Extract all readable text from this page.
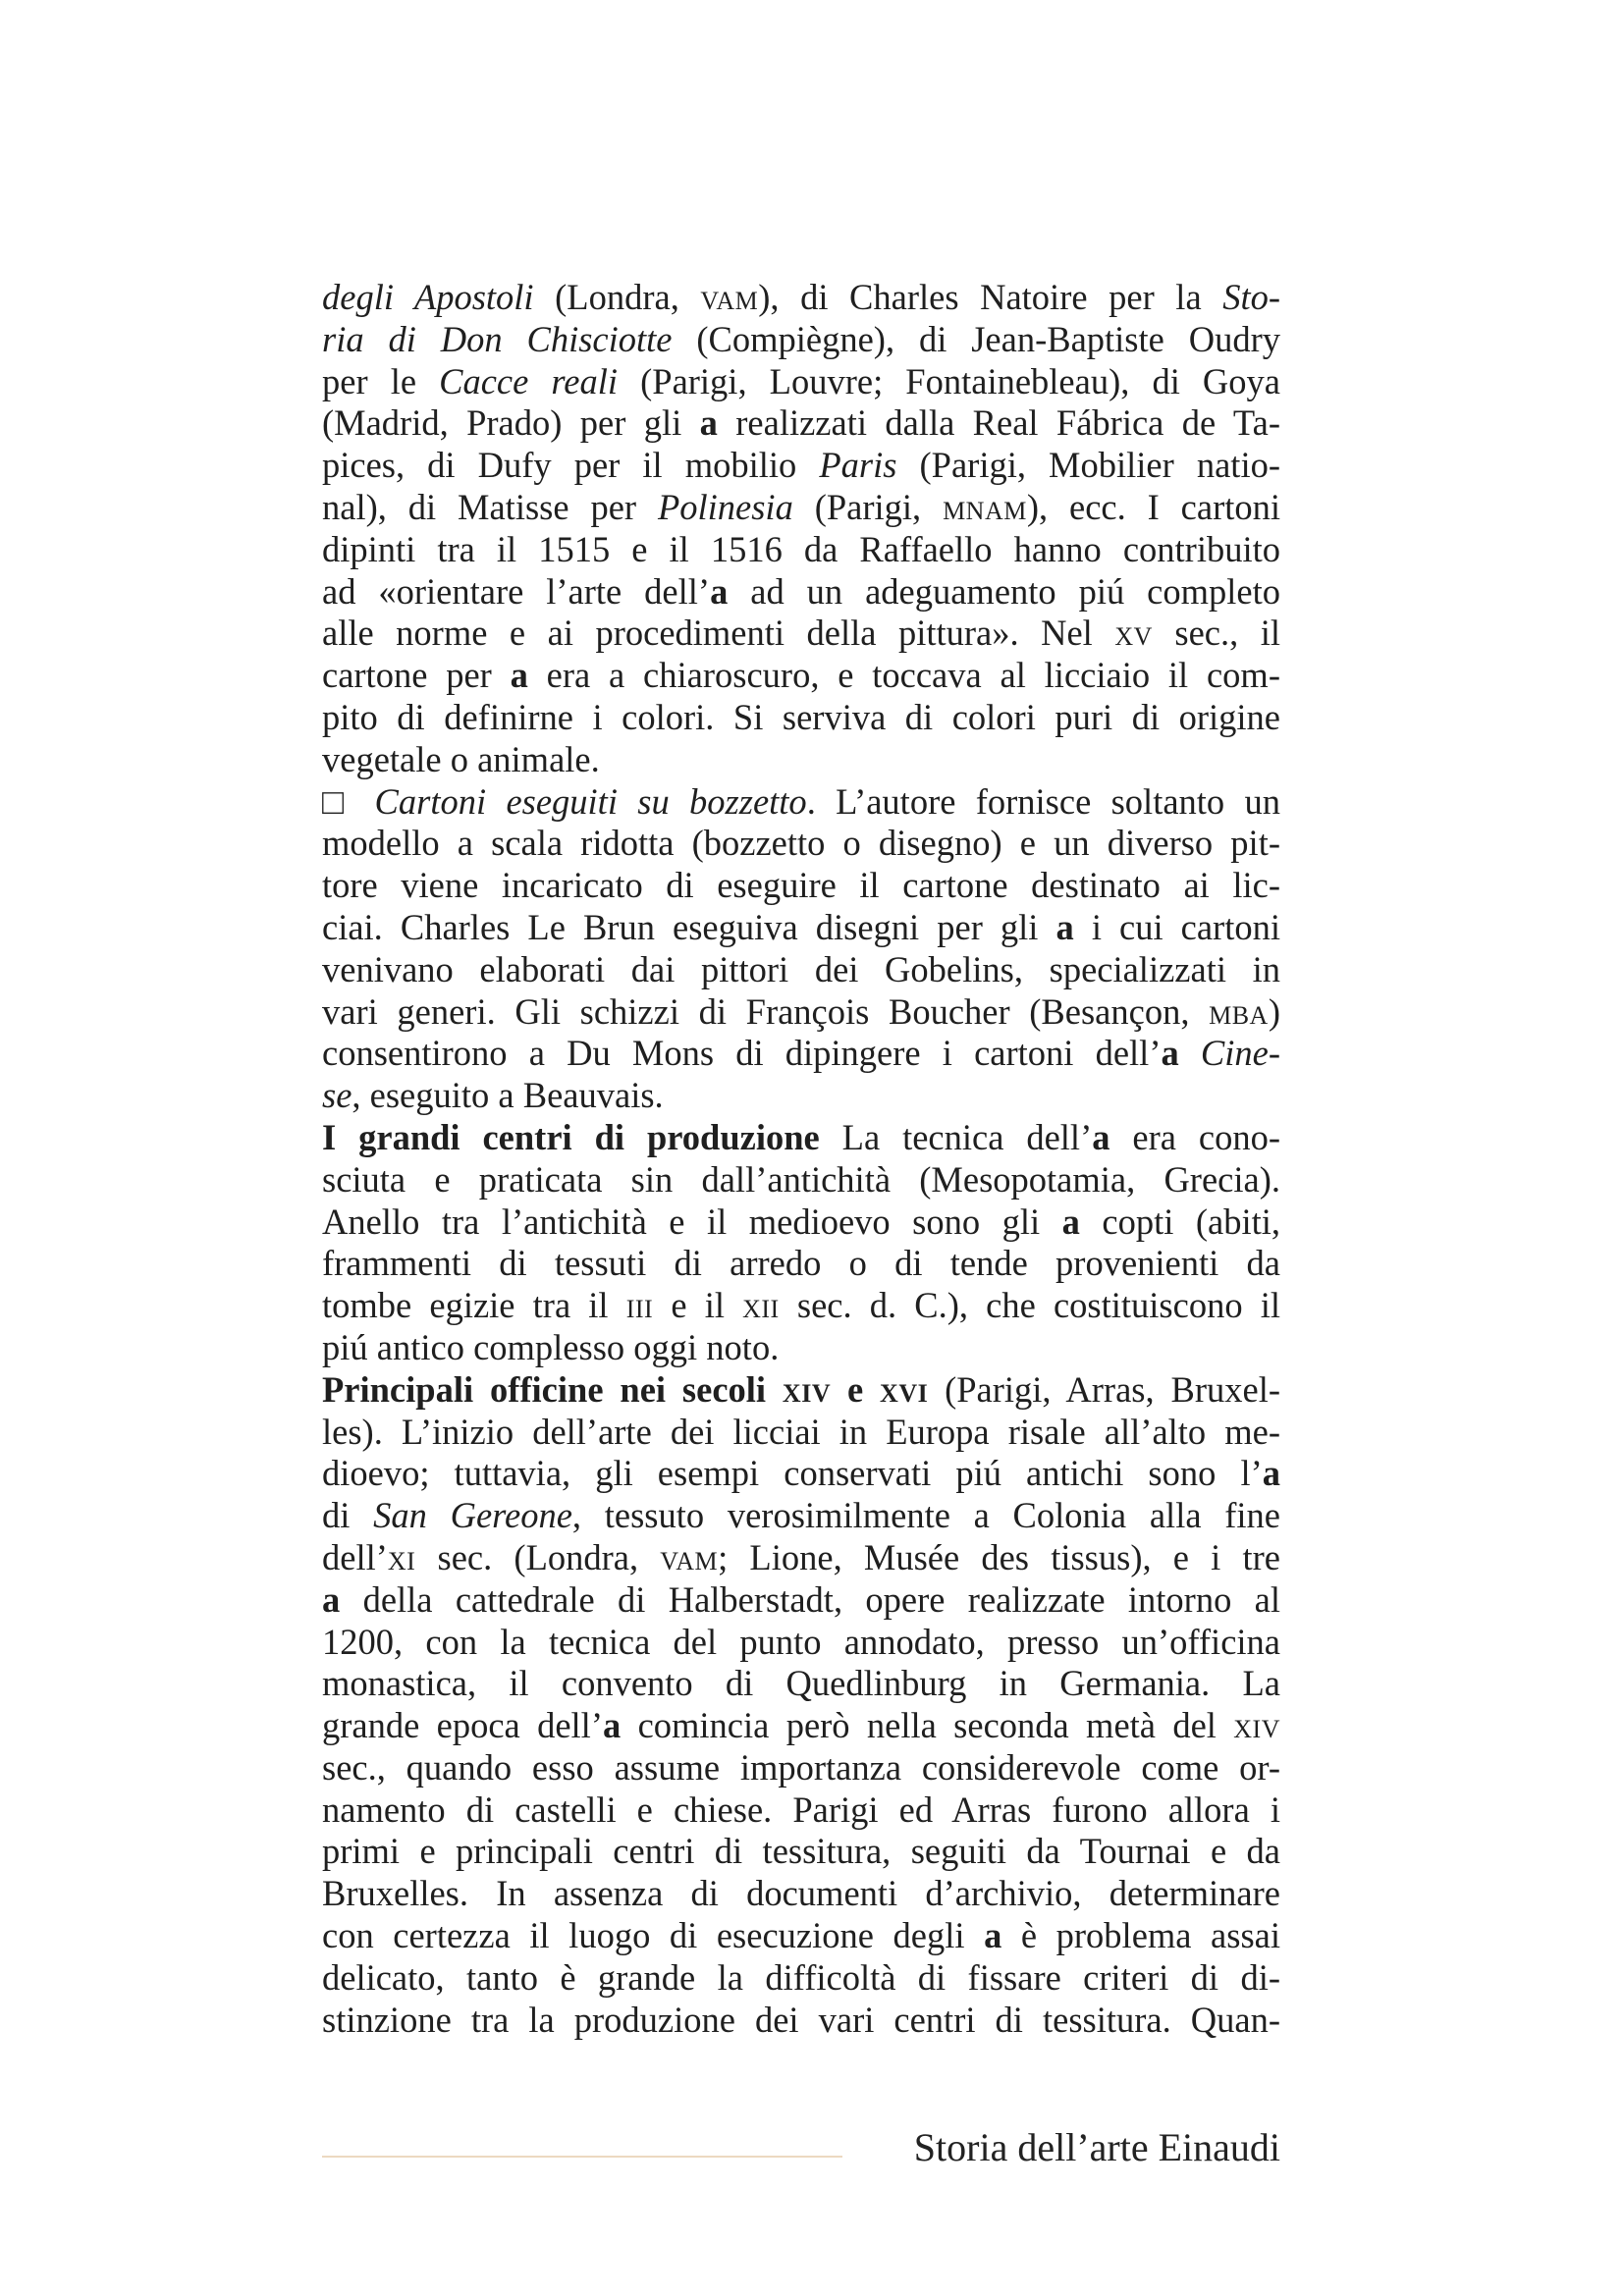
degli Apostoli (Londra, vam), di Charles Natoire per la Sto-
ria di Don Chisciotte (Compiègne), di Jean-Baptiste Oudry
per le Cacce reali (Parigi, Louvre; Fontainebleau), di Goya
(Madrid, Prado) per gli a realizzati dalla Real Fábrica de Ta-
pices, di Dufy per il mobilio Paris (Parigi, Mobilier natio-
nal), di Matisse per Polinesia (Parigi, mnam), ecc. I cartoni
dipinti tra il 1515 e il 1516 da Raffaello hanno contribuito
ad «orientare l’arte dell’a ad un adeguamento piú completo
alle norme e ai procedimenti della pittura». Nel xv sec., il
cartone per a era a chiaroscuro, e toccava al licciaio il com-
pito di definirne i colori. Si serviva di colori puri di origine
vegetale o animale.
□ Cartoni eseguiti su bozzetto. L’autore fornisce soltanto un
modello a scala ridotta (bozzetto o disegno) e un diverso pit-
tore viene incaricato di eseguire il cartone destinato ai lic-
ciai. Charles Le Brun eseguiva disegni per gli a i cui cartoni
venivano elaborati dai pittori dei Gobelins, specializzati in
vari generi. Gli schizzi di François Boucher (Besançon, mba)
consentirono a Du Mons di dipingere i cartoni dell’a Cine-
se, eseguito a Beauvais.
I grandi centri di produzione La tecnica dell’a era cono-
sciuta e praticata sin dall’antichità (Mesopotamia, Grecia).
Anello tra l’antichità e il medioevo sono gli a copti (abiti,
frammenti di tessuti di arredo o di tende provenienti da
tombe egizie tra il iii e il xii sec. d. C.), che costituiscono il
piú antico complesso oggi noto.
Principali officine nei secoli xiv e xvi (Parigi, Arras, Bruxel-
les). L’inizio dell’arte dei licciai in Europa risale all’alto me-
dioevo; tuttavia, gli esempi conservati piú antichi sono l’a
di San Gereone, tessuto verosimilmente a Colonia alla fine
dell’xi sec. (Londra, vam; Lione, Musée des tissus), e i tre
a della cattedrale di Halberstadt, opere realizzate intorno al
1200, con la tecnica del punto annodato, presso un’officina
monastica, il convento di Quedlinburg in Germania. La
grande epoca dell’a comincia però nella seconda metà del xiv
sec., quando esso assume importanza considerevole come or-
namento di castelli e chiese. Parigi ed Arras furono allora i
primi e principali centri di tessitura, seguiti da Tournai e da
Bruxelles. In assenza di documenti d’archivio, determinare
con certezza il luogo di esecuzione degli a è problema assai
delicato, tanto è grande la difficoltà di fissare criteri di di-
stinzione tra la produzione dei vari centri di tessitura. Quan-
Storia dell’arte Einaudi
